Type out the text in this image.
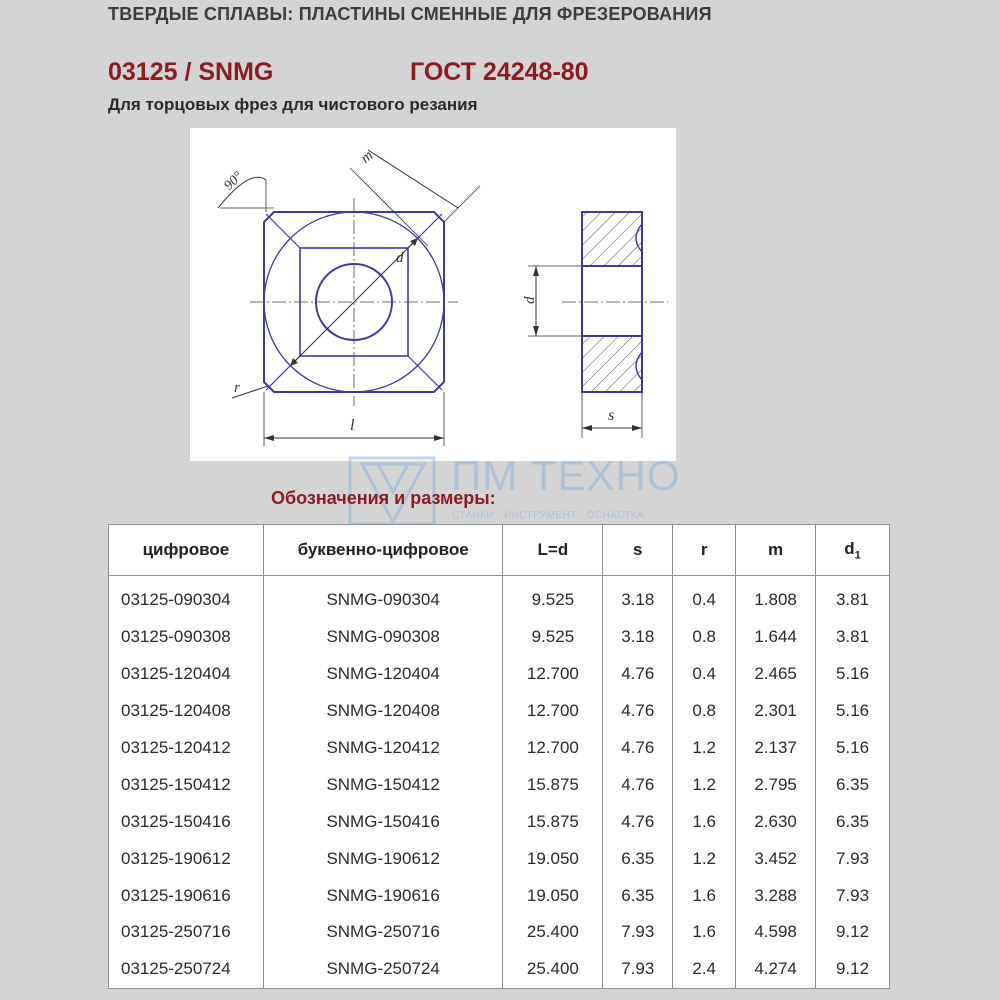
ТВЕРДЫЕ СПЛАВЫ: ПЛАСТИНЫ СМЕННЫЕ ДЛЯ ФРЕЗЕРОВАНИЯ
03125 / SNMG	ГОСТ 24248-80
Для торцовых фрез для чистового резания
90°
m
d
r
l
s
d
ПМ ТЕХНО
СТАНКИ · ИНСТРУМЕНТ · ОСНАСТКА
Обозначения и размеры:
цифровое	буквенно-цифровое	L=d	s	r	m	$d_1$
03125-090304	SNMG-090304	9.525	3.18	0.4	1.808	3.81
03125-090308	SNMG-090308	9.525	3.18	0.8	1.644	3.81
03125-120404	SNMG-120404	12.700	4.76	0.4	2.465	5.16
03125-120408	SNMG-120408	12.700	4.76	0.8	2.301	5.16
03125-120412	SNMG-120412	12.700	4.76	1.2	2.137	5.16
03125-150412	SNMG-150412	15.875	4.76	1.2	2.795	6.35
03125-150416	SNMG-150416	15.875	4.76	1.6	2.630	6.35
03125-190612	SNMG-190612	19.050	6.35	1.2	3.452	7.93
03125-190616	SNMG-190616	19.050	6.35	1.6	3.288	7.93
03125-250716	SNMG-250716	25.400	7.93	1.6	4.598	9.12
03125-250724	SNMG-250724	25.400	7.93	2.4	4.274	9.12
